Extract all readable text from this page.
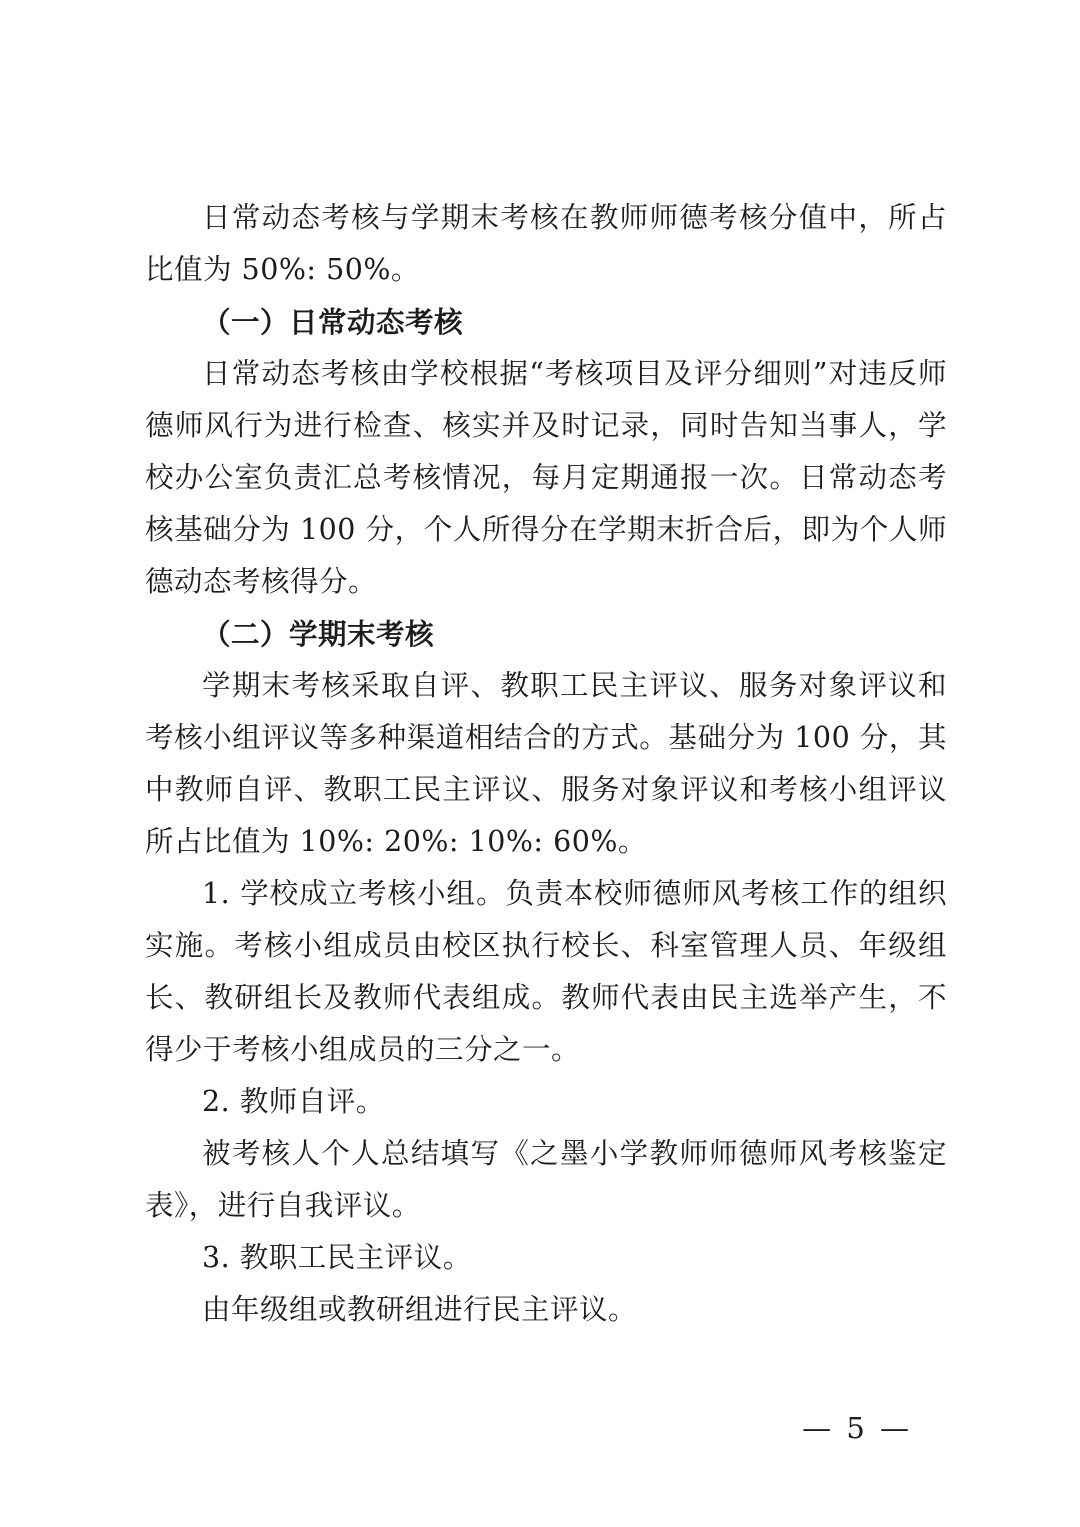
日常动态考核与学期末考核在教师师德考核分值中，所占比值为 50%: 50%。

（一）日常动态考核

日常动态考核由学校根据“考核项目及评分细则”对违反师德师风行为进行检查、核实并及时记录，同时告知当事人，学校办公室负责汇总考核情况，每月定期通报一次。日常动态考核基础分为 100 分，个人所得分在学期末折合后，即为个人师德动态考核得分。

（二）学期末考核

学期末考核采取自评、教职工民主评议、服务对象评议和考核小组评议等多种渠道相结合的方式。基础分为 100 分，其中教师自评、教职工民主评议、服务对象评议和考核小组评议所占比值为 10%: 20%: 10%: 60%。

1. 学校成立考核小组。负责本校师德师风考核工作的组织实施。考核小组成员由校区执行校长、科室管理人员、年级组长、教研组长及教师代表组成。教师代表由民主选举产生，不得少于考核小组成员的三分之一。

2. 教师自评。

被考核人个人总结填写《之墨小学教师师德师风考核鉴定表》，进行自我评议。

3. 教职工民主评议。

由年级组或教研组进行民主评议。

— 5 —
